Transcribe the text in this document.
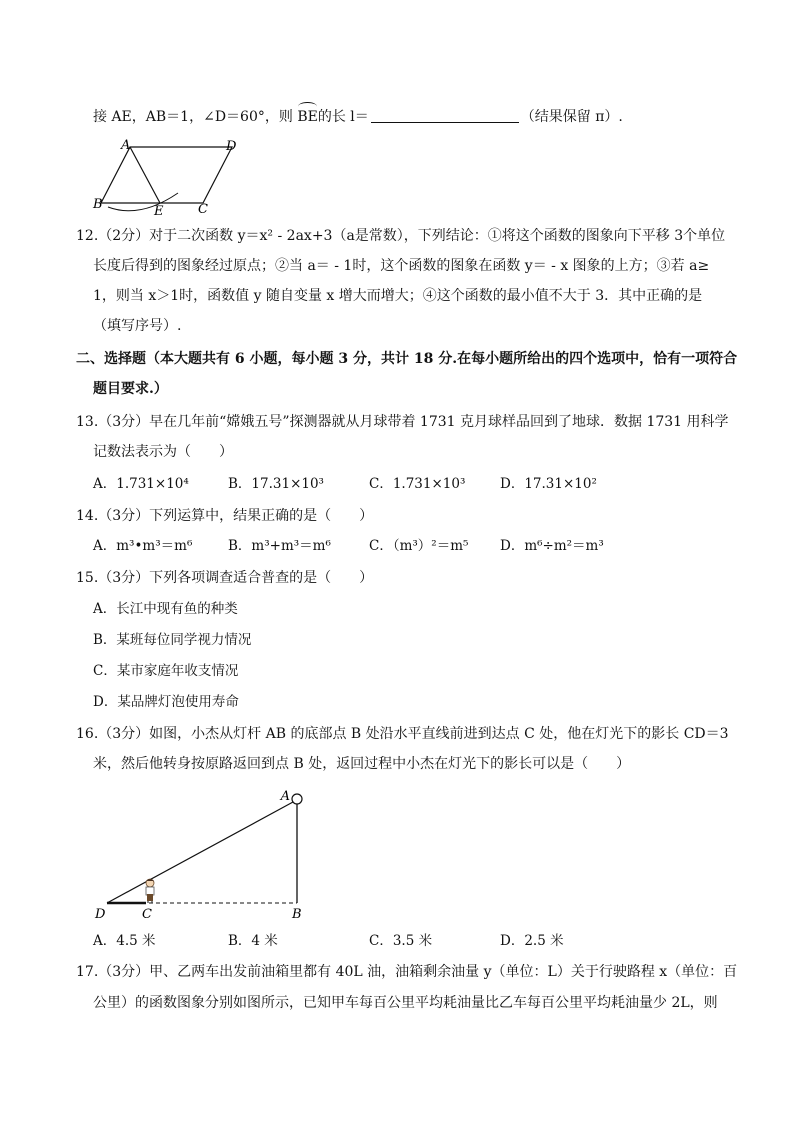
接 AE，AB＝1，∠D＝60°，则 BE的长 l＝	（结果保留 π）.
A	D
B	E	C
12.（2分）对于二次函数 y＝x² ‑ 2ax+3（a是常数），下列结论：①将这个函数的图象向下平移 3个单位
长度后得到的图象经过原点；②当 a＝ ‑ 1时，这个函数的图象在函数 y＝ ‑ x 图象的上方；③若 a≥
1，则当 x＞1时，函数值 y 随自变量 x 增大而增大；④这个函数的最小值不大于 3．其中正确的是
（填写序号）.
二、选择题（本大题共有 6 小题，每小题 3 分，共计 18 分.在每小题所给出的四个选项中，恰有一项符合
题目要求.）
13.（3分）早在几年前“嫦娥五号”探测器就从月球带着 1731 克月球样品回到了地球．数据 1731 用科学
记数法表示为（　　）
A．1.731×10⁴	B．17.31×10³	C．1.731×10³	D．17.31×10²
14.（3分）下列运算中，结果正确的是（　　）
A．m³•m³＝m⁶	B．m³+m³＝m⁶	C．（m³）²＝m⁵ D．m⁶÷m²＝m³
15.（3分）下列各项调查适合普查的是（　　）
A．长江中现有鱼的种类
B．某班每位同学视力情况
C．某市家庭年收支情况
D．某品牌灯泡使用寿命
16.（3分）如图，小杰从灯杆 AB 的底部点 B 处沿水平直线前进到达点 C 处，他在灯光下的影长 CD＝3
米，然后他转身按原路返回到点 B 处，返回过程中小杰在灯光下的影长可以是（　　）
A
D	C	B
A．4.5 米	B．4 米	C．3.5 米	D．2.5 米
17.（3分）甲、乙两车出发前油箱里都有 40L 油，油箱剩余油量 y（单位：L）关于行驶路程 x（单位：百
公里）的函数图象分别如图所示，已知甲车每百公里平均耗油量比乙车每百公里平均耗油量少 2L，则
